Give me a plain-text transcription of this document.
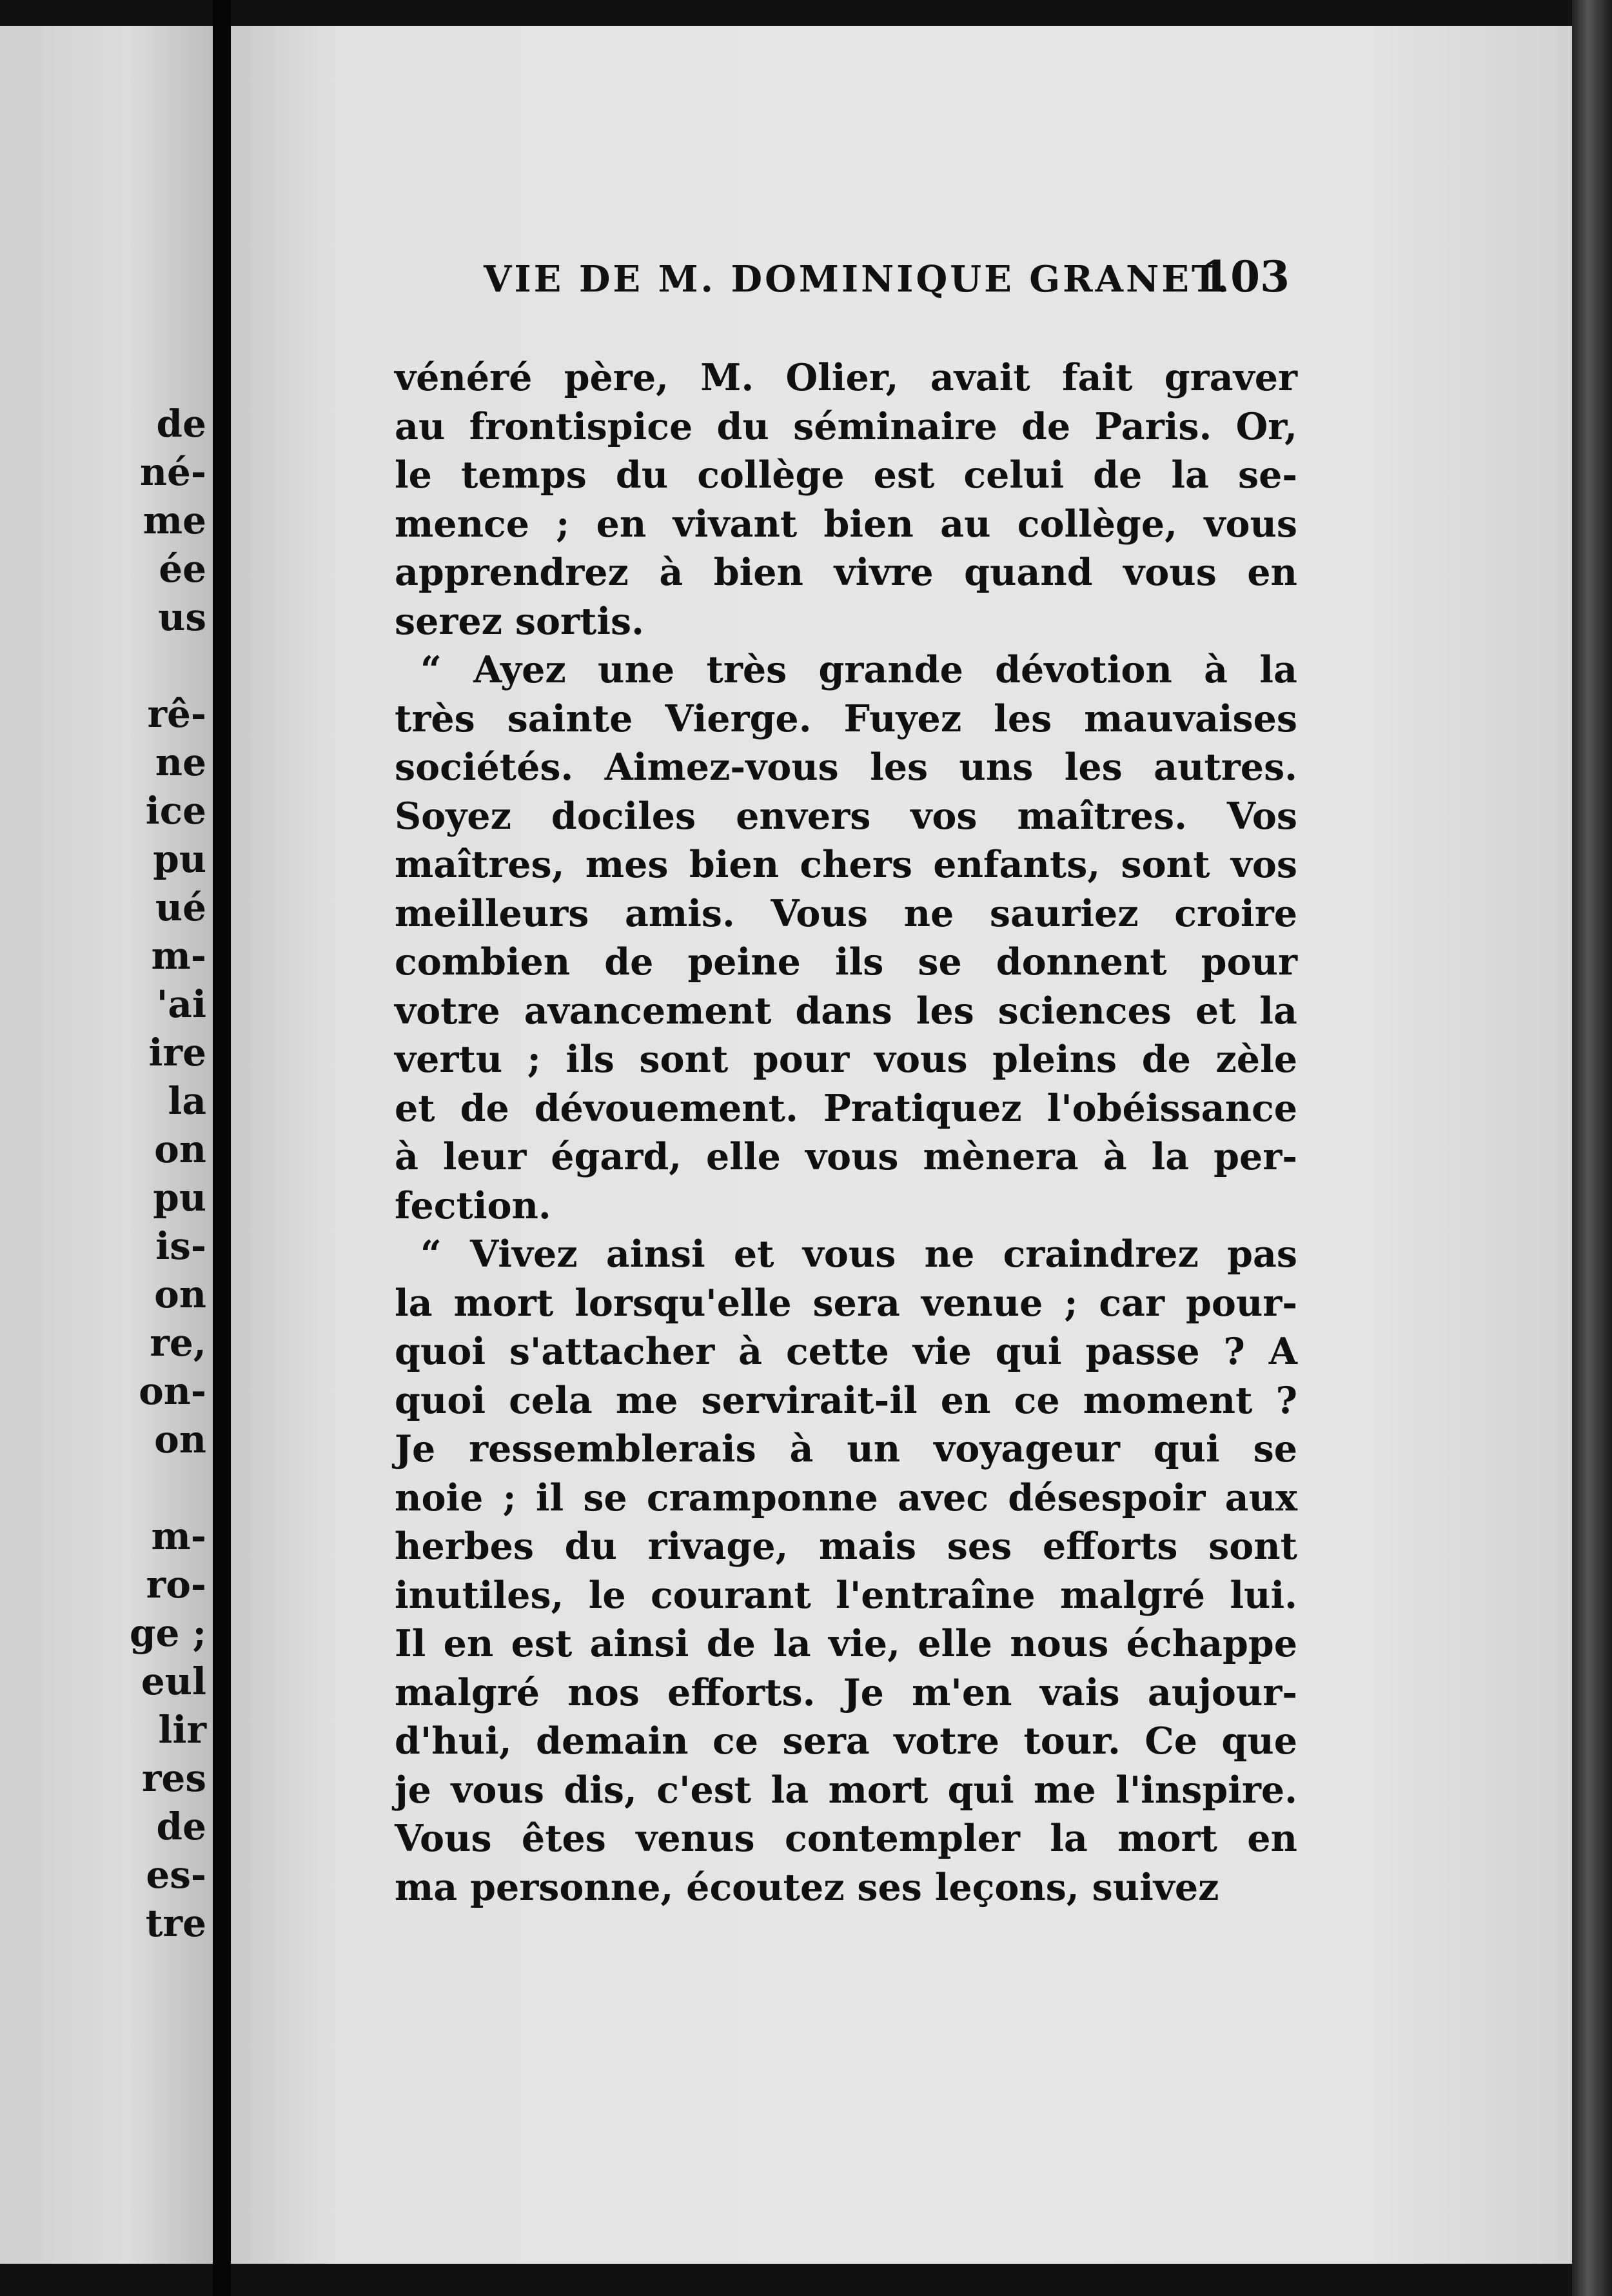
de
né-
me
ée
us
rê-
ne
ice
pu
ué
m-
'ai
ire
la
on
pu
is-
on
re,
on-
on
m-
ro-
ge ;
eul
lir
res
de
es-
tre
VIE DE M. DOMINIQUE GRANET.
103
vénéré père, M. Olier, avait fait graver
au frontispice du séminaire de Paris. Or,
le temps du collège est celui de la se-
mence ; en vivant bien au collège, vous
apprendrez à bien vivre quand vous en
serez sortis.
“ Ayez une très grande dévotion à la
très sainte Vierge. Fuyez les mauvaises
sociétés. Aimez-vous les uns les autres.
Soyez dociles envers vos maîtres. Vos
maîtres, mes bien chers enfants, sont vos
meilleurs amis. Vous ne sauriez croire
combien de peine ils se donnent pour
votre avancement dans les sciences et la
vertu ; ils sont pour vous pleins de zèle
et de dévouement. Pratiquez l'obéissance
à leur égard, elle vous mènera à la per-
fection.
“ Vivez ainsi et vous ne craindrez pas
la mort lorsqu'elle sera venue ; car pour-
quoi s'attacher à cette vie qui passe ? A
quoi cela me servirait-il en ce moment ?
Je ressemblerais à un voyageur qui se
noie ; il se cramponne avec désespoir aux
herbes du rivage, mais ses efforts sont
inutiles, le courant l'entraîne malgré lui.
Il en est ainsi de la vie, elle nous échappe
malgré nos efforts. Je m'en vais aujour-
d'hui, demain ce sera votre tour. Ce que
je vous dis, c'est la mort qui me l'inspire.
Vous êtes venus contempler la mort en
ma personne, écoutez ses leçons, suivez
